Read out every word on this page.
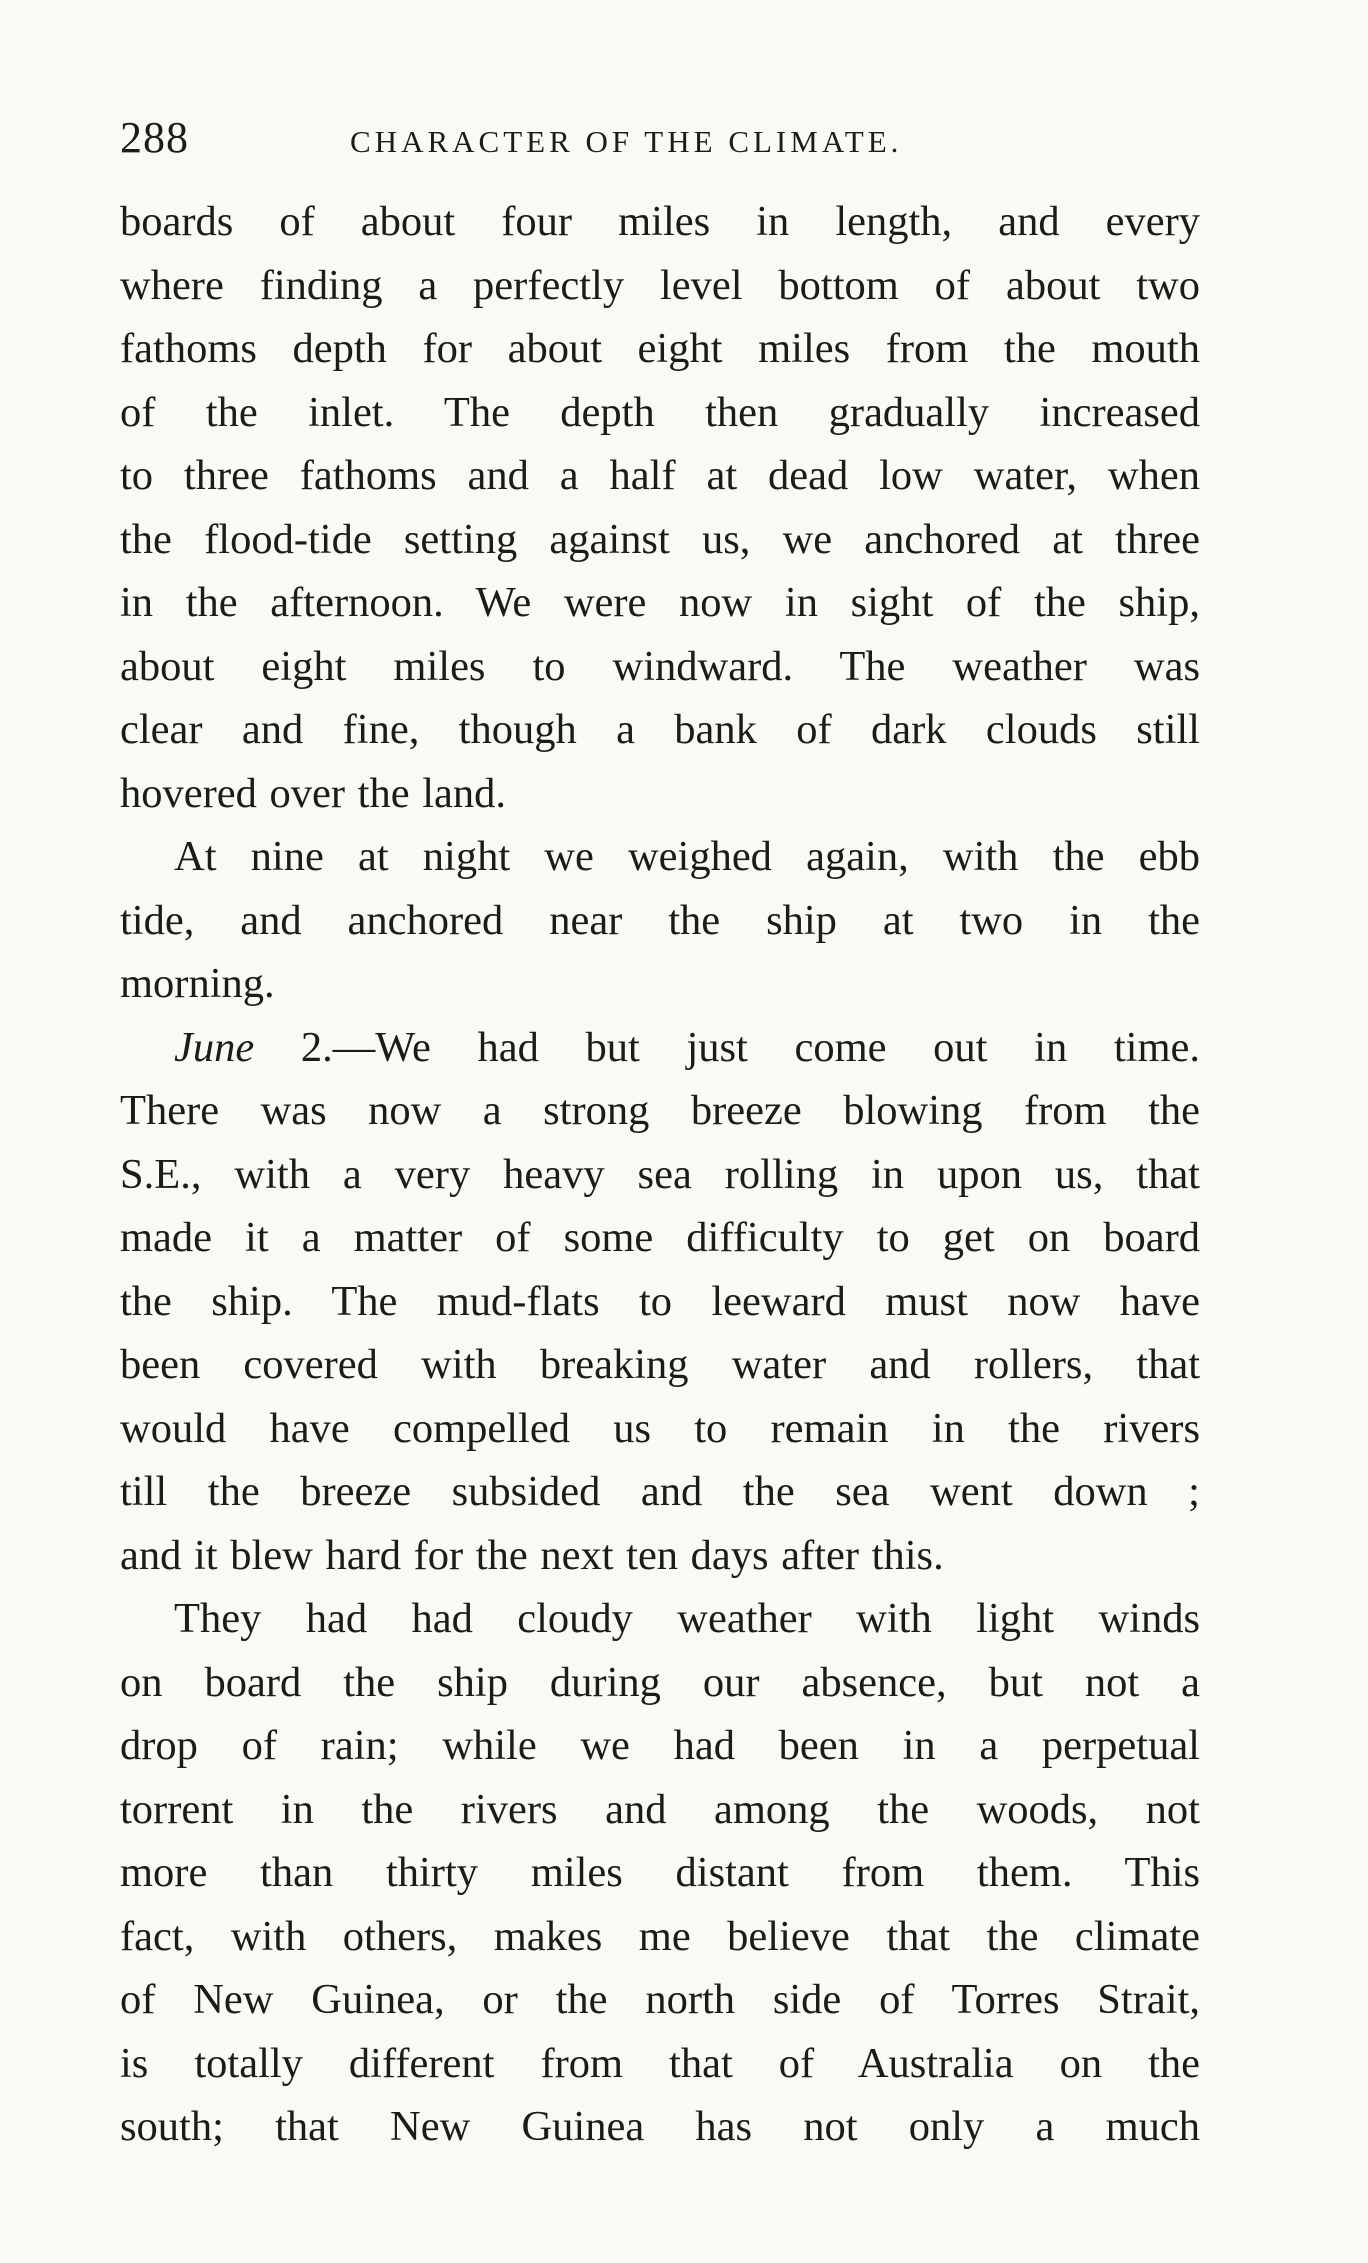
288	CHARACTER OF THE CLIMATE.
boards of about four miles in length, and every
where finding a perfectly level bottom of about two
fathoms depth for about eight miles from the mouth
of the inlet. The depth then gradually increased
to three fathoms and a half at dead low water, when
the flood-tide setting against us, we anchored at three
in the afternoon. We were now in sight of the ship,
about eight miles to windward. The weather was
clear and fine, though a bank of dark clouds still
hovered over the land.
At nine at night we weighed again, with the ebb
tide, and anchored near the ship at two in the
morning.
June 2.—We had but just come out in time.
There was now a strong breeze blowing from the
S.E., with a very heavy sea rolling in upon us, that
made it a matter of some difficulty to get on board
the ship. The mud-flats to leeward must now have
been covered with breaking water and rollers, that
would have compelled us to remain in the rivers
till the breeze subsided and the sea went down ;
and it blew hard for the next ten days after this.
They had had cloudy weather with light winds
on board the ship during our absence, but not a
drop of rain; while we had been in a perpetual
torrent in the rivers and among the woods, not
more than thirty miles distant from them. This
fact, with others, makes me believe that the climate
of New Guinea, or the north side of Torres Strait,
is totally different from that of Australia on the
south; that New Guinea has not only a much
